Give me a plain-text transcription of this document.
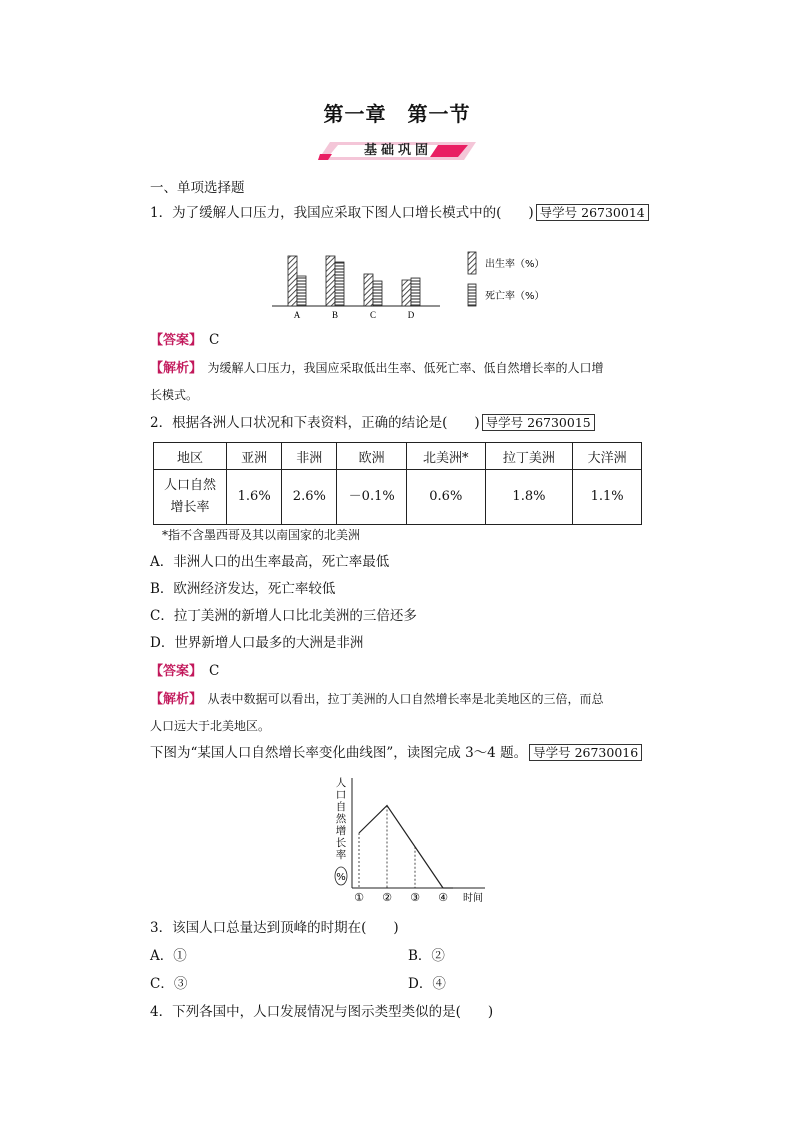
第一章　第一节
基础巩固
一、单项选择题
1．为了缓解人口压力，我国应采取下图人口增长模式中的(　　) 导学号 26730014
A	B	C	D
出生率（%）
死亡率（%）
【答案】　 C
【解析】　 为缓解人口压力，我国应采取低出生率、低死亡率、低自然增长率的人口增
长模式。
2．根据各洲人口状况和下表资料，正确的结论是(　　) 导学号 26730015
地区	亚洲	非洲	欧洲	北美洲*	拉丁美洲	大洋洲
人口自然
增长率	1.6%	2.6%	－0.1%	0.6%	1.8%	1.1%
*指不含墨西哥及其以南国家的北美洲
A．非洲人口的出生率最高，死亡率最低
B．欧洲经济发达，死亡率较低
C．拉丁美洲的新增人口比北美洲的三倍还多
D．世界新增人口最多的大洲是非洲
【答案】　 C
【解析】　 从表中数据可以看出，拉丁美洲的人口自然增长率是北美地区的三倍，而总
人口远大于北美地区。
下图为“某国人口自然增长率变化曲线图”，读图完成 3～4 题。 导学号 26730016
人
口
自
然
增
长
率
%
① ② ③ ④ 时间
3．该国人口总量达到顶峰的时期在(　　)
A．①	B．②
C．③	D．④
4．下列各国中，人口发展情况与图示类型类似的是(　　)
